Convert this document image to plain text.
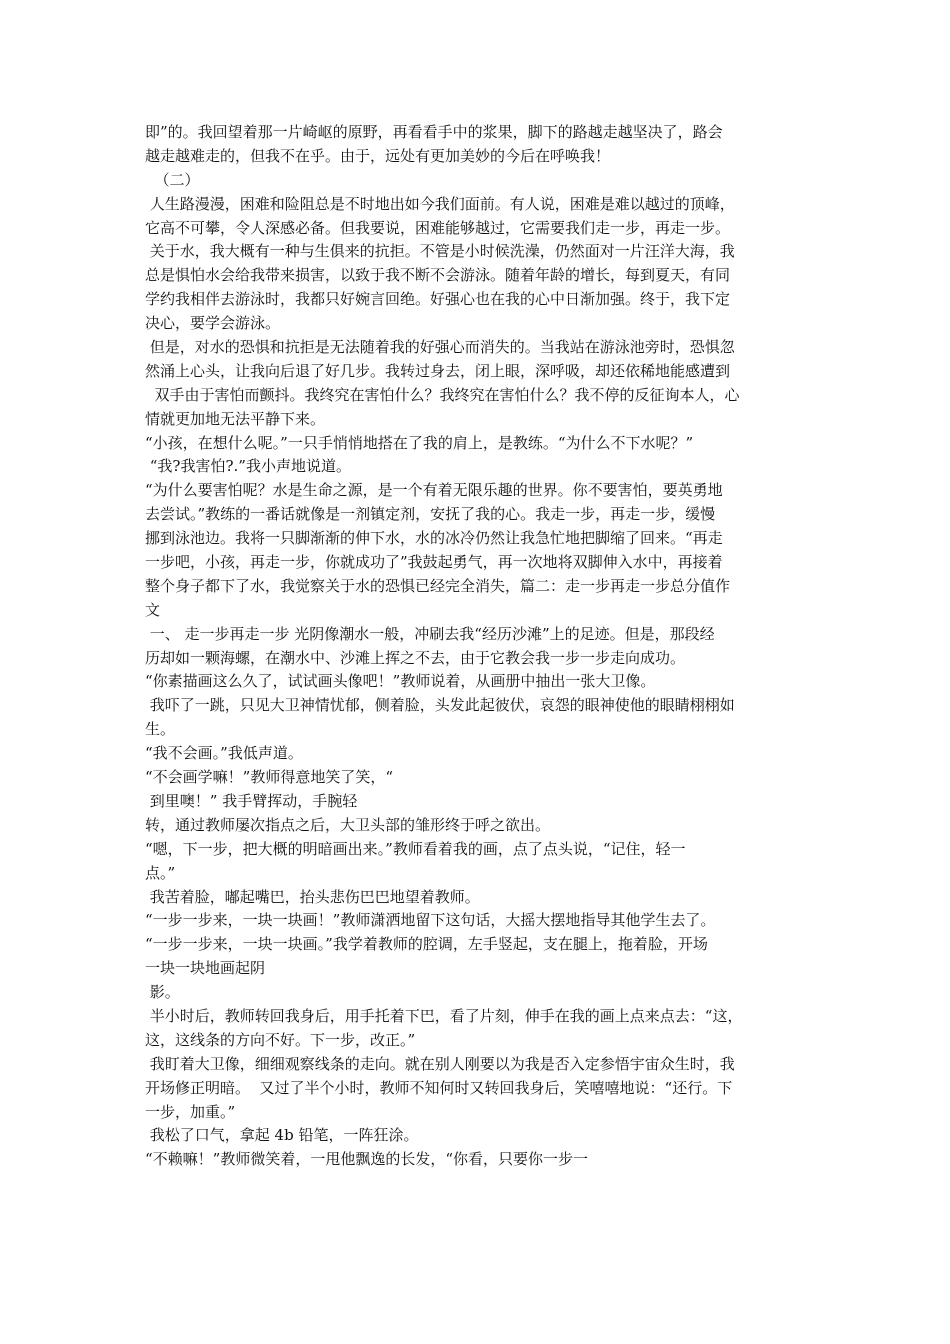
即”的。我回望着那一片崎岖的原野，再看看手中的浆果，脚下的路越走越坚决了，路会
越走越难走的，但我不在乎。由于，远处有更加美妙的今后在呼唤我！
（二）
人生路漫漫，困难和险阻总是不时地出如今我们面前。有人说，困难是难以越过的顶峰，
它高不可攀，令人深感必备。但我要说，困难能够越过，它需要我们走一步，再走一步。
关于水，我大概有一种与生俱来的抗拒。不管是小时候洗澡，仍然面对一片汪洋大海，我
总是惧怕水会给我带来损害，以致于我不断不会游泳。随着年龄的增长，每到夏天，有同
学约我相伴去游泳时，我都只好婉言回绝。好强心也在我的心中日渐加强。终于，我下定
决心，要学会游泳。
但是，对水的恐惧和抗拒是无法随着我的好强心而消失的。当我站在游泳池旁时，恐惧忽
然涌上心头，让我向后退了好几步。我转过身去，闭上眼，深呼吸，却还依稀地能感遭到
双手由于害怕而颤抖。我终究在害怕什么？我终究在害怕什么？我不停的反征询本人，心
情就更加地无法平静下来。
“小孩，在想什么呢。”一只手悄悄地搭在了我的肩上，是教练。“为什么不下水呢？”
“我?我害怕?.”我小声地说道。
“为什么要害怕呢？水是生命之源，是一个有着无限乐趣的世界。你不要害怕，要英勇地
去尝试。”教练的一番话就像是一剂镇定剂，安抚了我的心。我走一步，再走一步，缓慢
挪到泳池边。我将一只脚渐渐的伸下水，水的冰冷仍然让我急忙地把脚缩了回来。“再走
一步吧，小孩，再走一步，你就成功了”我鼓起勇气，再一次地将双脚伸入水中，再接着
整个身子都下了水，我觉察关于水的恐惧已经完全消失，篇二：走一步再走一步总分值作
文
一、 走一步再走一步 光阴像潮水一般，冲刷去我“经历沙滩”上的足迹。但是，那段经
历却如一颗海螺，在潮水中、沙滩上挥之不去，由于它教会我一步一步走向成功。
“你素描画这么久了，试试画头像吧！”教师说着，从画册中抽出一张大卫像。
我吓了一跳，只见大卫神情忧郁，侧着脸，头发此起彼伏，哀怨的眼神使他的眼睛栩栩如
生。
“我不会画。”我低声道。
“不会画学嘛！”教师得意地笑了笑，“
到里噢！” 我手臂挥动，手腕轻
转，通过教师屡次指点之后，大卫头部的雏形终于呼之欲出。
“嗯，下一步，把大概的明暗画出来。”教师看着我的画，点了点头说，“记住，轻一
点。”
我苦着脸，嘟起嘴巴，抬头悲伤巴巴地望着教师。
“一步一步来，一块一块画！”教师潇洒地留下这句话，大摇大摆地指导其他学生去了。
“一步一步来，一块一块画。”我学着教师的腔调，左手竖起，支在腿上，拖着脸，开场
一块一块地画起阴
影。
半小时后，教师转回我身后，用手托着下巴，看了片刻，伸手在我的画上点来点去：“这，
这，这线条的方向不好。下一步，改正。”
我盯着大卫像，细细观察线条的走向。就在别人刚要以为我是否入定参悟宇宙众生时，我
开场修正明暗。  又过了半个小时，教师不知何时又转回我身后，笑嘻嘻地说：“还行。下
一步，加重。”
我松了口气，拿起 4b 铅笔，一阵狂涂。
“不赖嘛！”教师微笑着，一甩他飘逸的长发，“你看，只要你一步一
